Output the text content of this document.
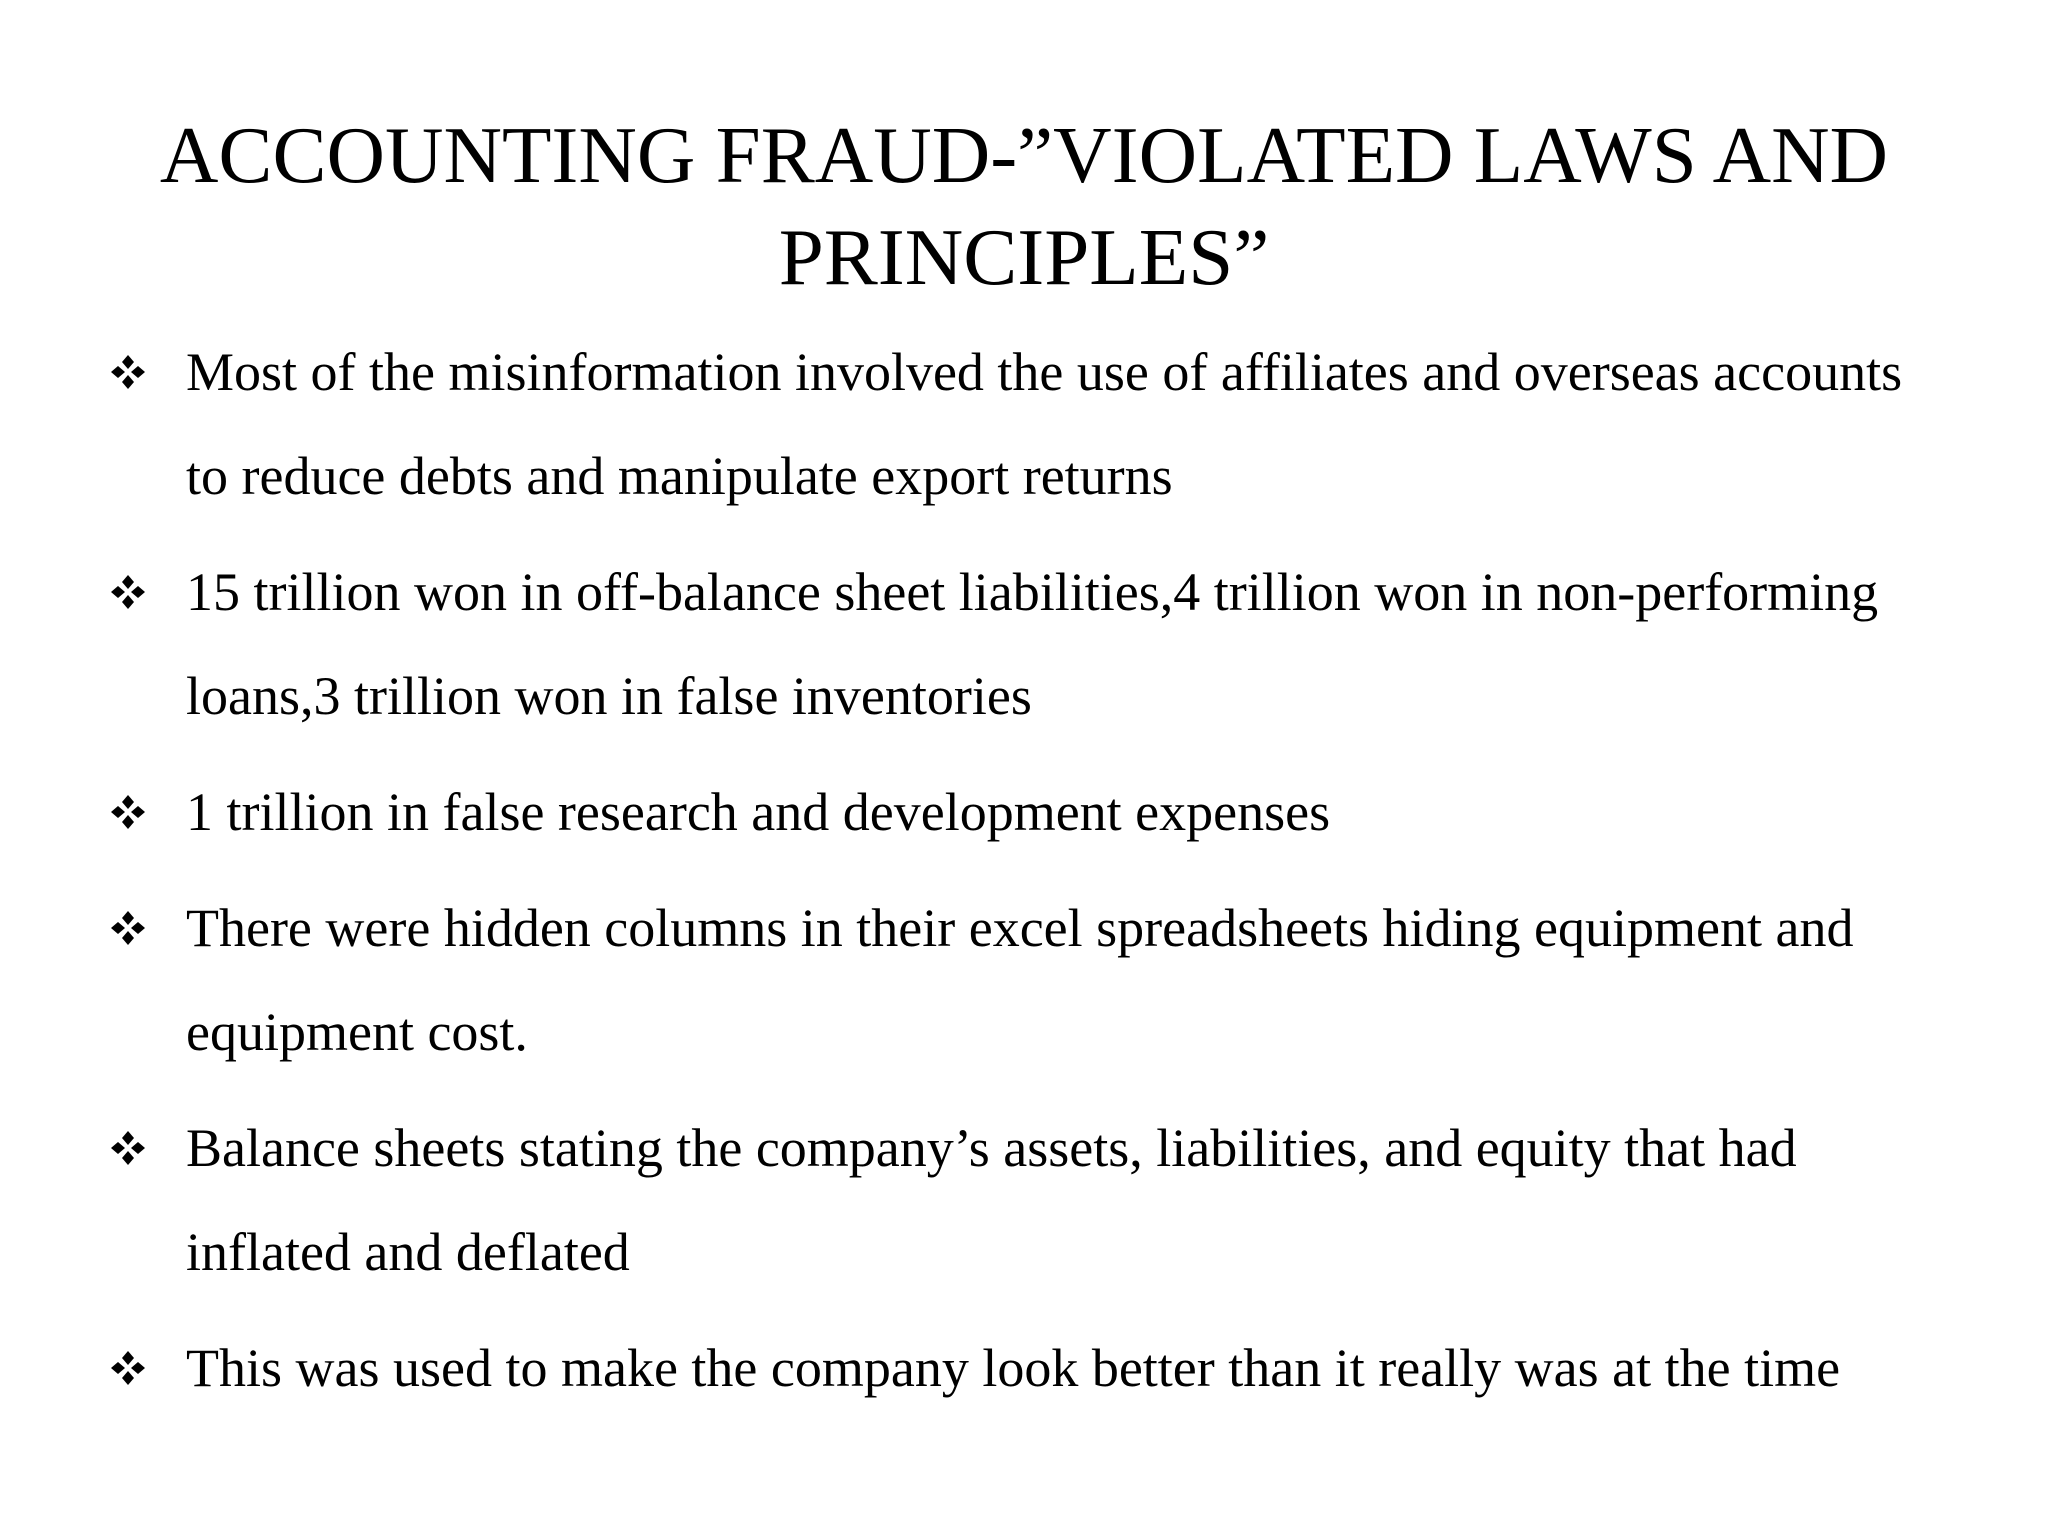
ACCOUNTING FRAUD-”VIOLATED LAWS AND
PRINCIPLES”
Most of the misinformation involved the use of affiliates and overseas accounts to reduce debts and manipulate export returns
15 trillion won in off-balance sheet liabilities,4 trillion won in non-performing loans,3 trillion won in false inventories
1 trillion in false research and development expenses
There were hidden columns in their excel spreadsheets hiding equipment and equipment cost.
Balance sheets stating the company’s assets, liabilities, and equity that had inflated and deflated
This was used to make the company look better than it really was at the time
